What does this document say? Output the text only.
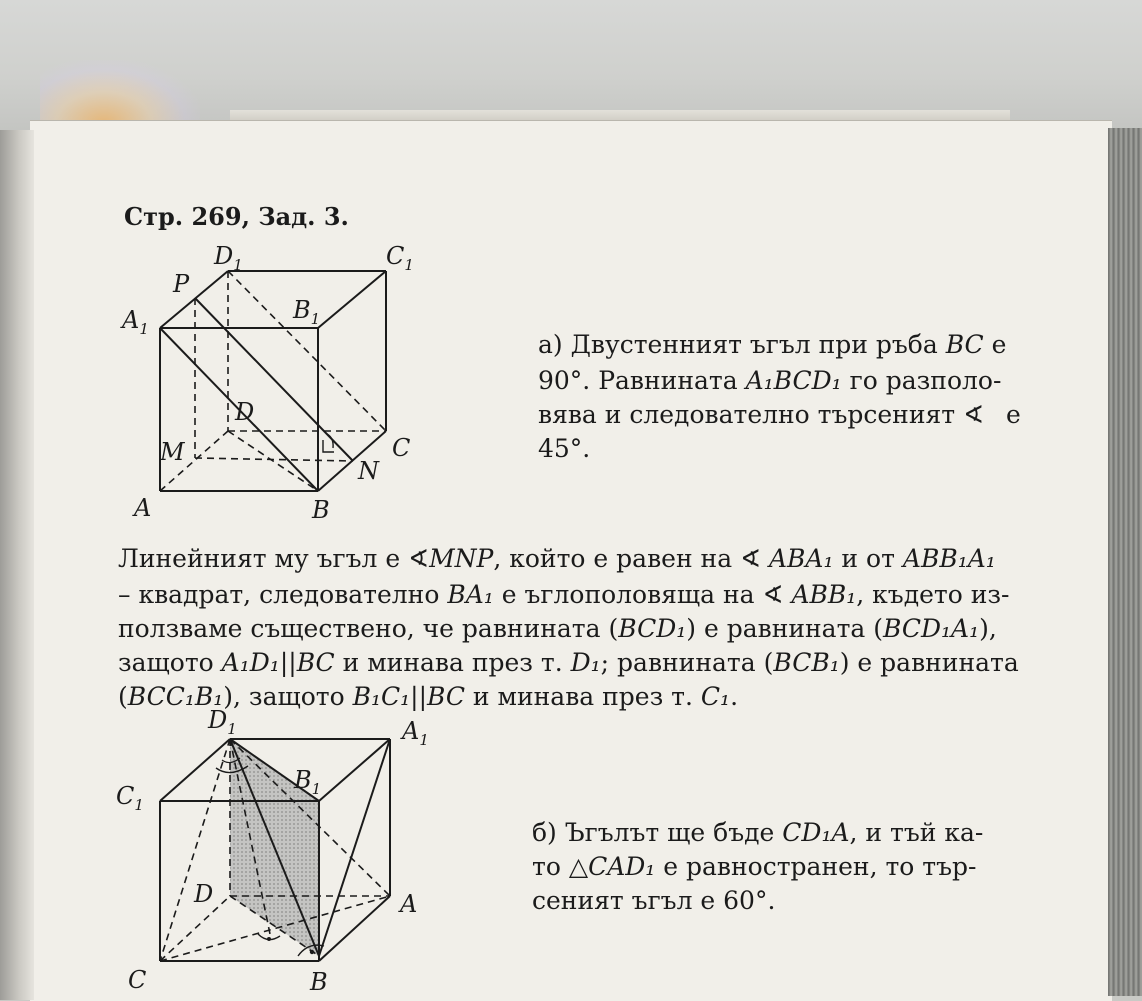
Стр. 269, Зад. 3.
$D_1$	$C_1$
P
$A_1$
$B_1$
D
M	C
N
A	B
а) Двустенният ъгъл при ръба BC е
90°. Равнината A₁BCD₁ го разполо-
вява и следователно търсеният ∢ е
45°.
Линейният му ъгъл е ∢MNP, който е равен на ∢ ABA₁ и от ABB₁A₁
– квадрат, следователно BA₁ е ъглополовяща на ∢ ABB₁, където из-
ползваме съществено, че равнината (BCD₁) е равнината (BCD₁A₁),
защото A₁D₁||BC и минава през т. D₁; равнината (BCB₁) е равнината
(BCC₁B₁), защото B₁C₁||BC и минава през т. C₁.
$D_1$	$A_1$
$C_1$
$B_1$
D	A
C	B
б) Ъгълът ще бъде CD₁A, и тъй ка-
то △CAD₁ е равностранен, то тър-
сеният ъгъл е 60°.
